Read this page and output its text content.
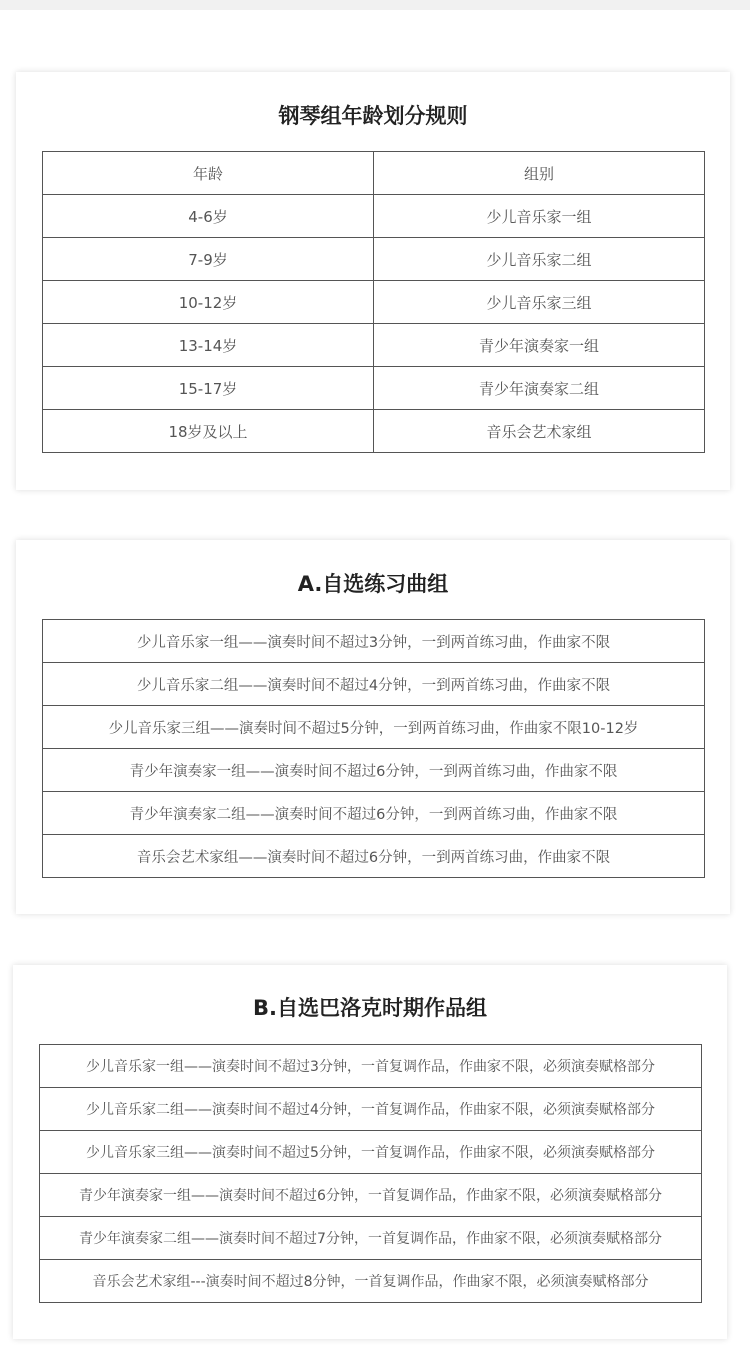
钢琴组年龄划分规则
年龄	组别
4-6岁	少儿音乐家一组
7-9岁	少儿音乐家二组
10-12岁	少儿音乐家三组
13-14岁	青少年演奏家一组
15-17岁	青少年演奏家二组
18岁及以上	音乐会艺术家组
A.自选练习曲组
少儿音乐家一组——演奏时间不超过3分钟，一到两首练习曲，作曲家不限
少儿音乐家二组——演奏时间不超过4分钟，一到两首练习曲，作曲家不限
少儿音乐家三组——演奏时间不超过5分钟，一到两首练习曲，作曲家不限10-12岁
青少年演奏家一组——演奏时间不超过6分钟，一到两首练习曲，作曲家不限
青少年演奏家二组——演奏时间不超过6分钟，一到两首练习曲，作曲家不限
音乐会艺术家组——演奏时间不超过6分钟，一到两首练习曲，作曲家不限
B.自选巴洛克时期作品组
少儿音乐家一组——演奏时间不超过3分钟，一首复调作品，作曲家不限，必须演奏赋格部分
少儿音乐家二组——演奏时间不超过4分钟，一首复调作品，作曲家不限，必须演奏赋格部分
少儿音乐家三组——演奏时间不超过5分钟，一首复调作品，作曲家不限，必须演奏赋格部分
青少年演奏家一组——演奏时间不超过6分钟，一首复调作品，作曲家不限，必须演奏赋格部分
青少年演奏家二组——演奏时间不超过7分钟，一首复调作品，作曲家不限，必须演奏赋格部分
音乐会艺术家组---演奏时间不超过8分钟，一首复调作品，作曲家不限，必须演奏赋格部分
